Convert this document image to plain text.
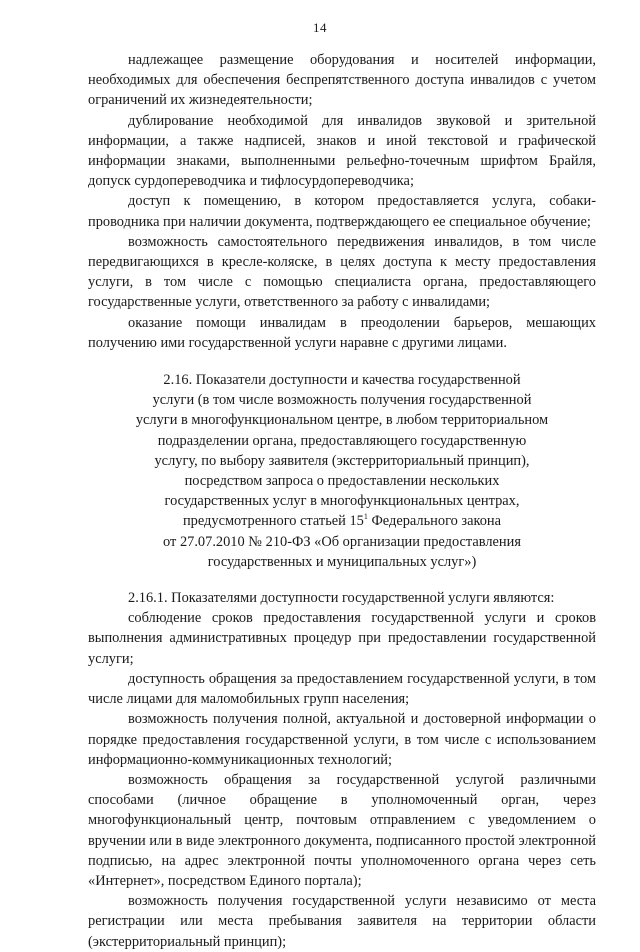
14

надлежащее размещение оборудования и носителей информации, необходимых для обеспечения беспрепятственного доступа инвалидов с учетом ограничений их жизнедеятельности;

дублирование необходимой для инвалидов звуковой и зрительной информации, а также надписей, знаков и иной текстовой и графической информации знаками, выполненными рельефно-точечным шрифтом Брайля, допуск сурдопереводчика и тифлосурдопереводчика;

доступ к помещению, в котором предоставляется услуга, собаки-проводника при наличии документа, подтверждающего ее специальное обучение;

возможность самостоятельного передвижения инвалидов, в том числе передвигающихся в кресле-коляске, в целях доступа к месту предоставления услуги, в том числе с помощью специалиста органа, предоставляющего государственные услуги, ответственного за работу с инвалидами;

оказание помощи инвалидам в преодолении барьеров, мешающих получению ими государственной услуги наравне с другими лицами.

2.16. Показатели доступности и качества государственной
услуги (в том числе возможность получения государственной
услуги в многофункциональном центре, в любом территориальном
подразделении органа, предоставляющего государственную
услугу, по выбору заявителя (экстерриториальный принцип),
посредством запроса о предоставлении нескольких
государственных услуг в многофункциональных центрах,
предусмотренного статьей $15^1$ Федерального закона
от 27.07.2010 № 210-ФЗ «Об организации предоставления
государственных и муниципальных услуг»)

2.16.1. Показателями доступности государственной услуги являются:

соблюдение сроков предоставления государственной услуги и сроков выполнения административных процедур при предоставлении государственной услуги;

доступность обращения за предоставлением государственной услуги, в том числе лицами для маломобильных групп населения;

возможность получения полной, актуальной и достоверной информации о порядке предоставления государственной услуги, в том числе с использованием информационно-коммуникационных технологий;

возможность обращения за государственной услугой различными способами (личное обращение в уполномоченный орган, через многофункциональный центр, почтовым отправлением с уведомлением о вручении или в виде электронного документа, подписанного простой электронной подписью, на адрес электронной почты уполномоченного органа через сеть «Интернет», посредством Единого портала);

возможность получения государственной услуги независимо от места регистрации или места пребывания заявителя на территории области (экстерриториальный принцип);
